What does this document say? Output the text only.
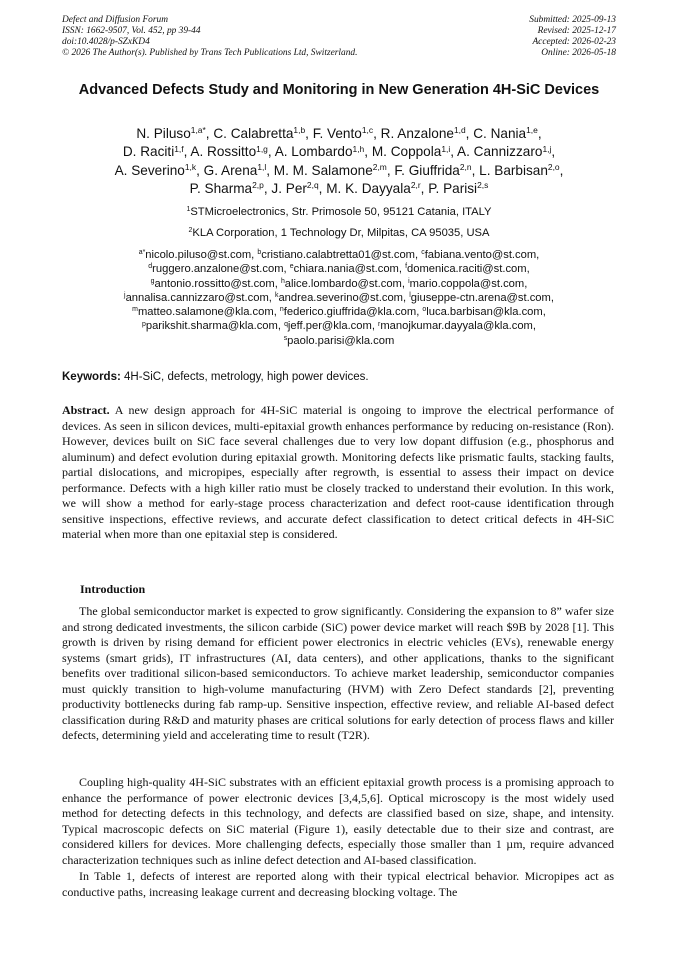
Defect and Diffusion Forum
ISSN: 1662-9507, Vol. 452, pp 39-44
doi:10.4028/p-SZxKD4
© 2026 The Author(s). Published by Trans Tech Publications Ltd, Switzerland.
Submitted: 2025-09-13
Revised: 2025-12-17
Accepted: 2026-02-23
Online: 2026-05-18
Advanced Defects Study and Monitoring in New Generation 4H-SiC Devices
N. Piluso$^{1,a*}$, C. Calabretta$^{1,b}$, F. Vento$^{1,c}$, R. Anzalone$^{1,d}$, C. Nania$^{1,e}$,
D. Raciti$^{1,f}$, A. Rossitto$^{1,g}$, A. Lombardo$^{1,h}$, M. Coppola$^{1,i}$, A. Cannizzaro$^{1,j}$,
A. Severino$^{1,k}$, G. Arena$^{1,l}$, M. M. Salamone$^{2,m}$, F. Giuffrida$^{2,n}$, L. Barbisan$^{2,o}$,
P. Sharma$^{2,p}$, J. Per$^{2,q}$, M. K. Dayyala$^{2,r}$, P. Parisi$^{2,s}$
$^1$STMicroelectronics, Str. Primosole 50, 95121 Catania, ITALY
$^2$KLA Corporation, 1 Technology Dr, Milpitas, CA 95035, USA
$^{a*}$nicolo.piluso@st.com, $^b$cristiano.calabtretta01@st.com, $^c$fabiana.vento@st.com,
$^d$ruggero.anzalone@st.com, $^e$chiara.nania@st.com, $^f$domenica.raciti@st.com,
$^g$antonio.rossitto@st.com, $^h$alice.lombardo@st.com, $^i$mario.coppola@st.com,
$^j$annalisa.cannizzaro@st.com, $^k$andrea.severino@st.com, $^l$giuseppe-ctn.arena@st.com,
$^m$matteo.salamone@kla.com, $^n$federico.giuffrida@kla.com, $^o$luca.barbisan@kla.com,
$^p$parikshit.sharma@kla.com, $^q$jeff.per@kla.com, $^r$manojkumar.dayyala@kla.com,
$^s$paolo.parisi@kla.com
Keywords: 4H-SiC, defects, metrology, high power devices.
Abstract. A new design approach for 4H-SiC material is ongoing to improve the electrical performance of devices. As seen in silicon devices, multi-epitaxial growth enhances performance by reducing on-resistance (Ron). However, devices built on SiC face several challenges due to very low dopant diffusion (e.g., phosphorus and aluminum) and defect evolution during epitaxial growth. Monitoring defects like prismatic faults, stacking faults, partial dislocations, and micropipes, especially after regrowth, is essential to assess their impact on device performance. Defects with a high killer ratio must be closely tracked to understand their evolution. In this work, we will show a method for early-stage process characterization and defect root-cause identification through sensitive inspections, effective reviews, and accurate defect classification to detect critical defects in 4H-SiC material when more than one epitaxial step is considered.
Introduction
The global semiconductor market is expected to grow significantly. Considering the expansion to 8” wafer size and strong dedicated investments, the silicon carbide (SiC) power device market will reach $9B by 2028 [1]. This growth is driven by rising demand for efficient power electronics in electric vehicles (EVs), renewable energy systems (smart grids), IT infrastructures (AI, data centers), and other applications, thanks to the significant benefits over traditional silicon-based semiconductors. To achieve market leadership, semiconductor companies must quickly transition to high-volume manufacturing (HVM) with Zero Defect standards [2], preventing productivity bottlenecks during fab ramp-up. Sensitive inspection, effective review, and reliable AI-based defect classification during R&D and maturity phases are critical solutions for early detection of process flaws and killer defects, determining yield and accelerating time to result (T2R).
Coupling high-quality 4H-SiC substrates with an efficient epitaxial growth process is a promising approach to enhance the performance of power electronic devices [3,4,5,6]. Optical microscopy is the most widely used method for detecting defects in this technology, and defects are classified based on size, shape, and intensity. Typical macroscopic defects on SiC material (Figure 1), easily detectable due to their size and contrast, are considered killers for devices. More challenging defects, especially those smaller than 1 µm, require advanced characterization techniques such as inline defect detection and AI-based classification.
In Table 1, defects of interest are reported along with their typical electrical behavior. Micropipes act as conductive paths, increasing leakage current and decreasing blocking voltage. The
